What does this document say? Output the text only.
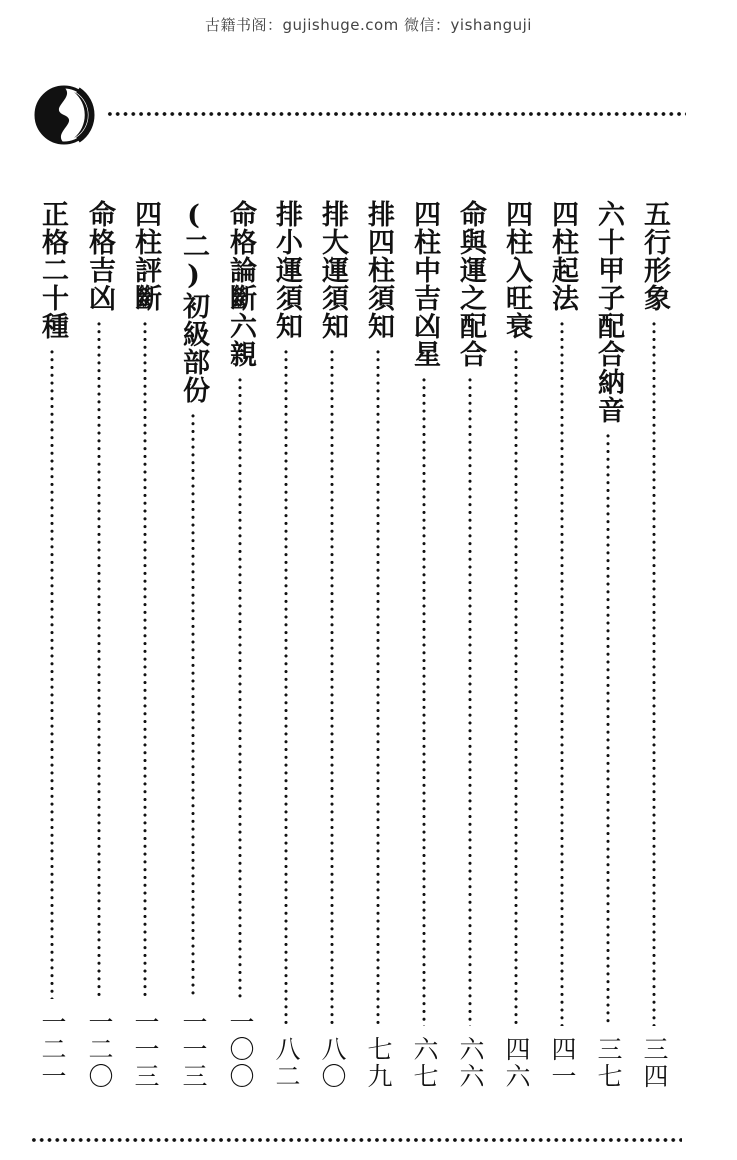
古籍书阁：gujishuge.com 微信：yishanguji
五行形象
三四
六十甲子配合納音
三七
四柱起法
四一
四柱入旺衰
四六
命與運之配合
六六
四柱中吉凶星
六七
排四柱須知
七九
排大運須知
八〇
排小運須知
八二
命格論斷六親
一〇〇
(二)初級部份
一一三
四柱評斷
一一三
命格吉凶
一二〇
正格二十種
一二一
